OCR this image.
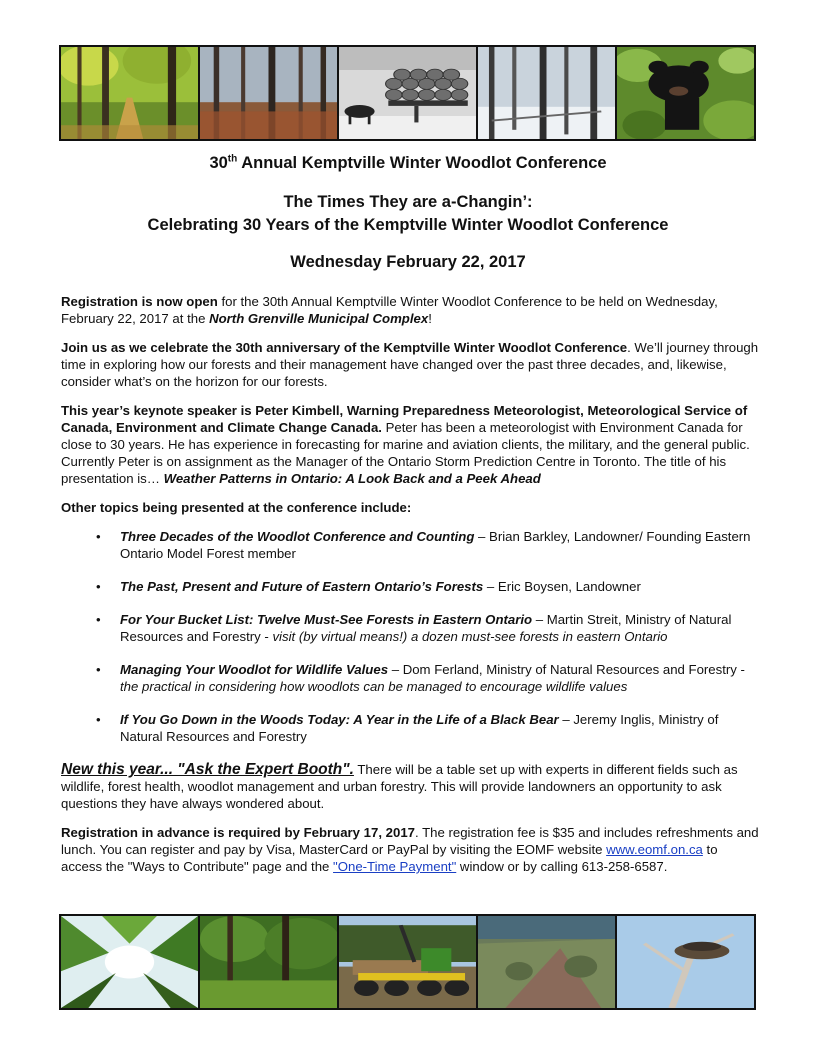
30th Annual Kemptville Winter Woodlot Conference
The Times They are a-Changin’:
Celebrating 30 Years of the Kemptville Winter Woodlot Conference
Wednesday February 22, 2017

Registration is now open for the 30th Annual Kemptville Winter Woodlot Conference to be held on Wednesday, February 22, 2017 at the North Grenville Municipal Complex!

Join us as we celebrate the 30th anniversary of the Kemptville Winter Woodlot Conference. We’ll journey through time in exploring how our forests and their management have changed over the past three decades, and, likewise, consider what’s on the horizon for our forests.

This year’s keynote speaker is Peter Kimbell, Warning Preparedness Meteorologist, Meteorological Service of Canada, Environment and Climate Change Canada. Peter has been a meteorologist with Environment Canada for close to 30 years. He has experience in forecasting for marine and aviation clients, the military, and the general public. Currently Peter is on assignment as the Manager of the Ontario Storm Prediction Centre in Toronto. The title of his presentation is… Weather Patterns in Ontario: A Look Back and a Peek Ahead

Other topics being presented at the conference include:
• Three Decades of the Woodlot Conference and Counting – Brian Barkley, Landowner/ Founding Eastern Ontario Model Forest member
• The Past, Present and Future of Eastern Ontario’s Forests – Eric Boysen, Landowner
• For Your Bucket List: Twelve Must-See Forests in Eastern Ontario – Martin Streit, Ministry of Natural Resources and Forestry - visit (by virtual means!) a dozen must-see forests in eastern Ontario
• Managing Your Woodlot for Wildlife Values – Dom Ferland, Ministry of Natural Resources and Forestry - the practical in considering how woodlots can be managed to encourage wildlife values
• If You Go Down in the Woods Today: A Year in the Life of a Black Bear – Jeremy Inglis, Ministry of Natural Resources and Forestry

New this year... "Ask the Expert Booth". There will be a table set up with experts in different fields such as wildlife, forest health, woodlot management and urban forestry. This will provide landowners an opportunity to ask questions they have always wondered about.

Registration in advance is required by February 17, 2017. The registration fee is $35 and includes refreshments and lunch. You can register and pay by Visa, MasterCard or PayPal by visiting the EOMF website www.eomf.on.ca to access the "Ways to Contribute" page and the "One-Time Payment" window or by calling 613-258-6587.
